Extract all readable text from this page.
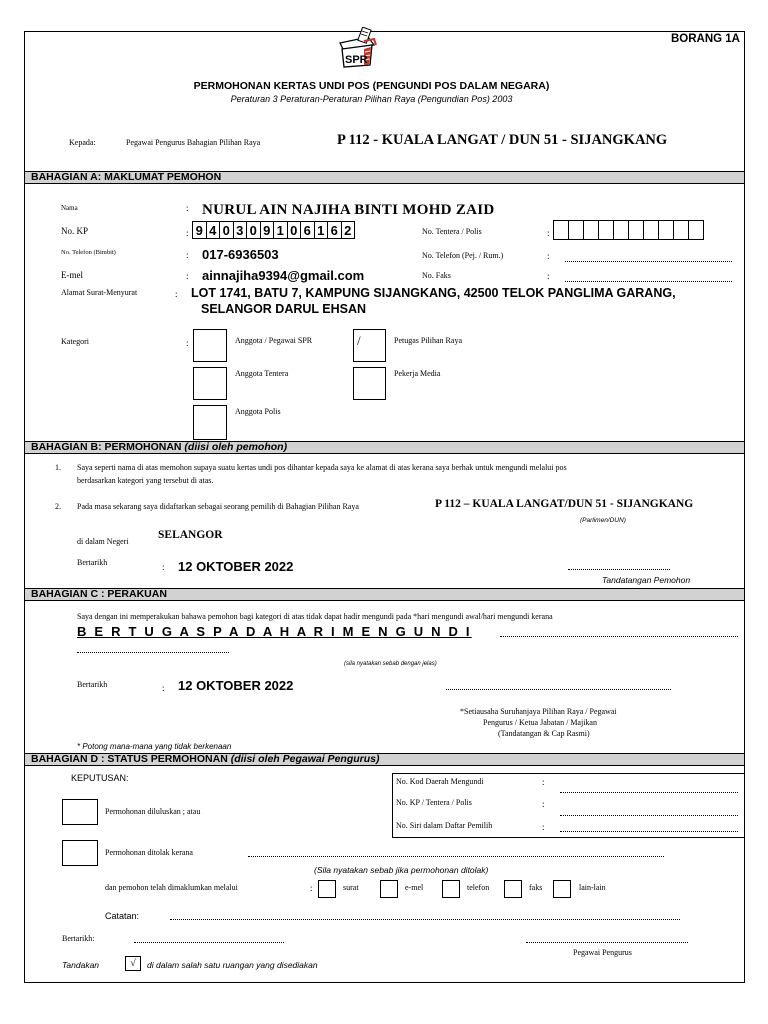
BORANG 1A
SPR
PERMOHONAN KERTAS UNDI POS (PENGUNDI POS DALAM NEGARA)
Peraturan 3 Peraturan-Peraturan Pilihan Raya (Pengundian Pos) 2003
Kepada:	Pegawai Pengurus Bahagian Pilihan Raya	P 112 - KUALA LANGAT / DUN 51 - SIJANGKANG
BAHAGIAN A: MAKLUMAT PEMOHON
Nama	: NURUL AIN NAJIHA BINTI MOHD ZAID
No. KP	: 9 4 0 3 0 9 1 0 6 1 6 2	No. Tentera / Polis	:
No. Telefon (Bimbit)	: 017-6936503	No. Telefon (Pej. / Rum.)	:
E-mel	: ainnajiha9394@gmail.com	No. Faks	:
Alamat Surat-Menyurat	: LOT 1741, BATU 7, KAMPUNG SIJANGKANG, 42500 TELOK PANGLIMA GARANG,
SELANGOR DARUL EHSAN
Kategori	:	Anggota / Pegawai SPR	/	Petugas Pilihan Raya
Anggota Tentera	Pekerja Media
Anggota Polis
BAHAGIAN B: PERMOHONAN (diisi oleh pemohon)
1. Saya seperti nama di atas memohon supaya suatu kertas undi pos dihantar kepada saya ke alamat di atas kerana saya berhak untuk mengundi melalui pos
berdasarkan kategori yang tersebut di atas.
2. Pada masa sekarang saya didaftarkan sebagai seorang pemilih di Bahagian Pilihan Raya	P 112 – KUALA LANGAT/DUN 51 - SIJANGKANG
(Parlimen/DUN)
di dalam Negeri
SELANGOR
Bertarikh	: 12 OKTOBER 2022
Tandatangan Pemohon
BAHAGIAN C : PERAKUAN
Saya dengan ini memperakukan bahawa pemohon bagi kategori di atas tidak dapat hadir mengundi pada *hari mengundi awal/hari mengundi kerana
B E R T U G A S P A D A H A R I M E N G U N D I
(sila nyatakan sebab dengan jelas)
Bertarikh	: 12 OKTOBER 2022
*Setiausaha Suruhanjaya Pilihan Raya / Pegawai
Pengurus / Ketua Jabatan / Majikan
(Tandatangan & Cap Rasmi)
* Potong mana-mana yang tidak berkenaan
BAHAGIAN D : STATUS PERMOHONAN (diisi oleh Pegawai Pengurus)
KEPUTUSAN:	No. Kod Daerah Mengundi	:
No. KP / Tentera / Polis	:
No. Siri dalam Daftar Pemilih	:
Permohonan diluluskan ; atau
Permohonan ditolak kerana
(Sila nyatakan sebab jika permohonan ditolak)
dan pemohon telah dimaklumkan melalui	:	surat	e-mel	telefon	faks	lain-lain
Catatan:
Bertarikh:
Pegawai Pengurus
Tandakan	√	di dalam salah satu ruangan yang disediakan
